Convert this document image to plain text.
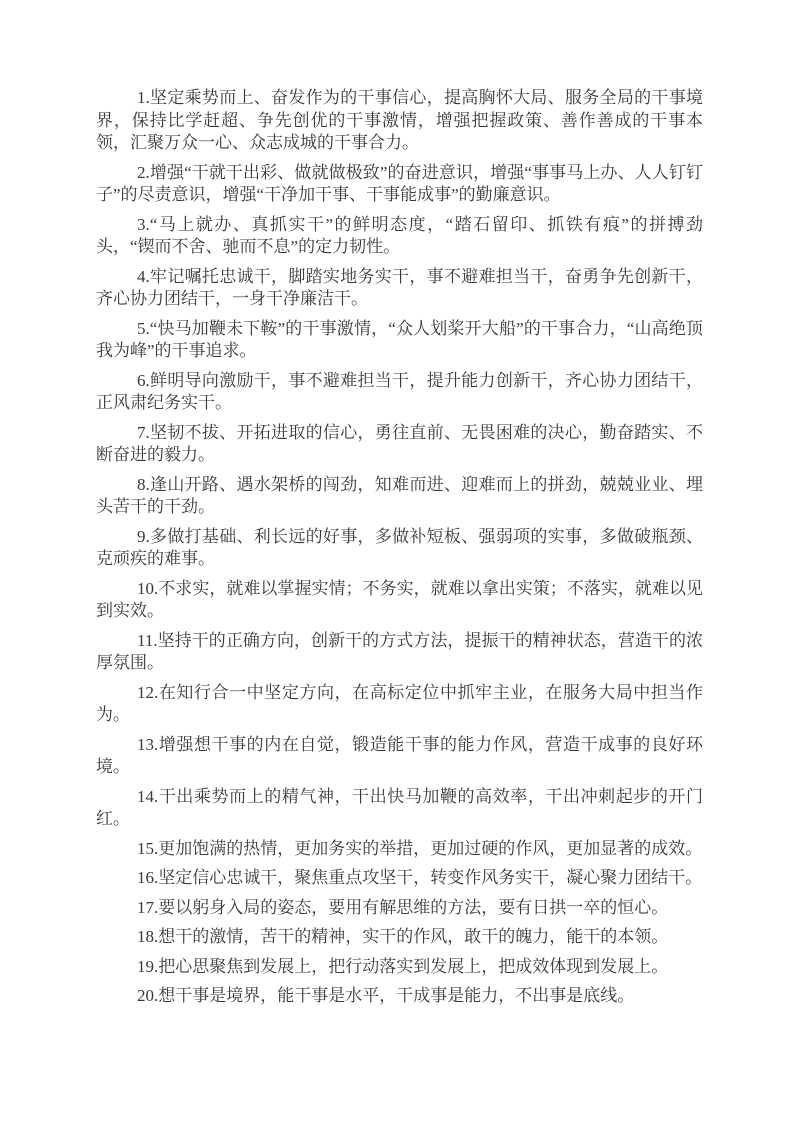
1.坚定乘势而上、奋发作为的干事信心，提高胸怀大局、服务全局的干事境界，保持比学赶超、争先创优的干事激情，增强把握政策、善作善成的干事本领，汇聚万众一心、众志成城的干事合力。

2.增强“干就干出彩、做就做极致”的奋进意识，增强“事事马上办、人人钉钉子”的尽责意识，增强“干净加干事、干事能成事”的勤廉意识。

3.“马上就办、真抓实干”的鲜明态度，“踏石留印、抓铁有痕”的拼搏劲头，“锲而不舍、驰而不息”的定力韧性。

4.牢记嘱托忠诚干，脚踏实地务实干，事不避难担当干，奋勇争先创新干，齐心协力团结干，一身干净廉洁干。

5.“快马加鞭未下鞍”的干事激情，“众人划桨开大船”的干事合力，“山高绝顶我为峰”的干事追求。

6.鲜明导向激励干，事不避难担当干，提升能力创新干，齐心协力团结干，正风肃纪务实干。

7.坚韧不拔、开拓进取的信心，勇往直前、无畏困难的决心，勤奋踏实、不断奋进的毅力。

8.逢山开路、遇水架桥的闯劲，知难而进、迎难而上的拼劲，兢兢业业、埋头苦干的干劲。

9.多做打基础、利长远的好事，多做补短板、强弱项的实事，多做破瓶颈、克顽疾的难事。

10.不求实，就难以掌握实情；不务实，就难以拿出实策；不落实，就难以见到实效。

11.坚持干的正确方向，创新干的方式方法，提振干的精神状态，营造干的浓厚氛围。

12.在知行合一中坚定方向，在高标定位中抓牢主业，在服务大局中担当作为。

13.增强想干事的内在自觉，锻造能干事的能力作风，营造干成事的良好环境。

14.干出乘势而上的精气神，干出快马加鞭的高效率，干出冲刺起步的开门红。

15.更加饱满的热情，更加务实的举措，更加过硬的作风，更加显著的成效。

16.坚定信心忠诚干，聚焦重点攻坚干，转变作风务实干，凝心聚力团结干。

17.要以躬身入局的姿态，要用有解思维的方法，要有日拱一卒的恒心。

18.想干的激情，苦干的精神，实干的作风，敢干的魄力，能干的本领。

19.把心思聚焦到发展上，把行动落实到发展上，把成效体现到发展上。

20.想干事是境界，能干事是水平，干成事是能力，不出事是底线。
